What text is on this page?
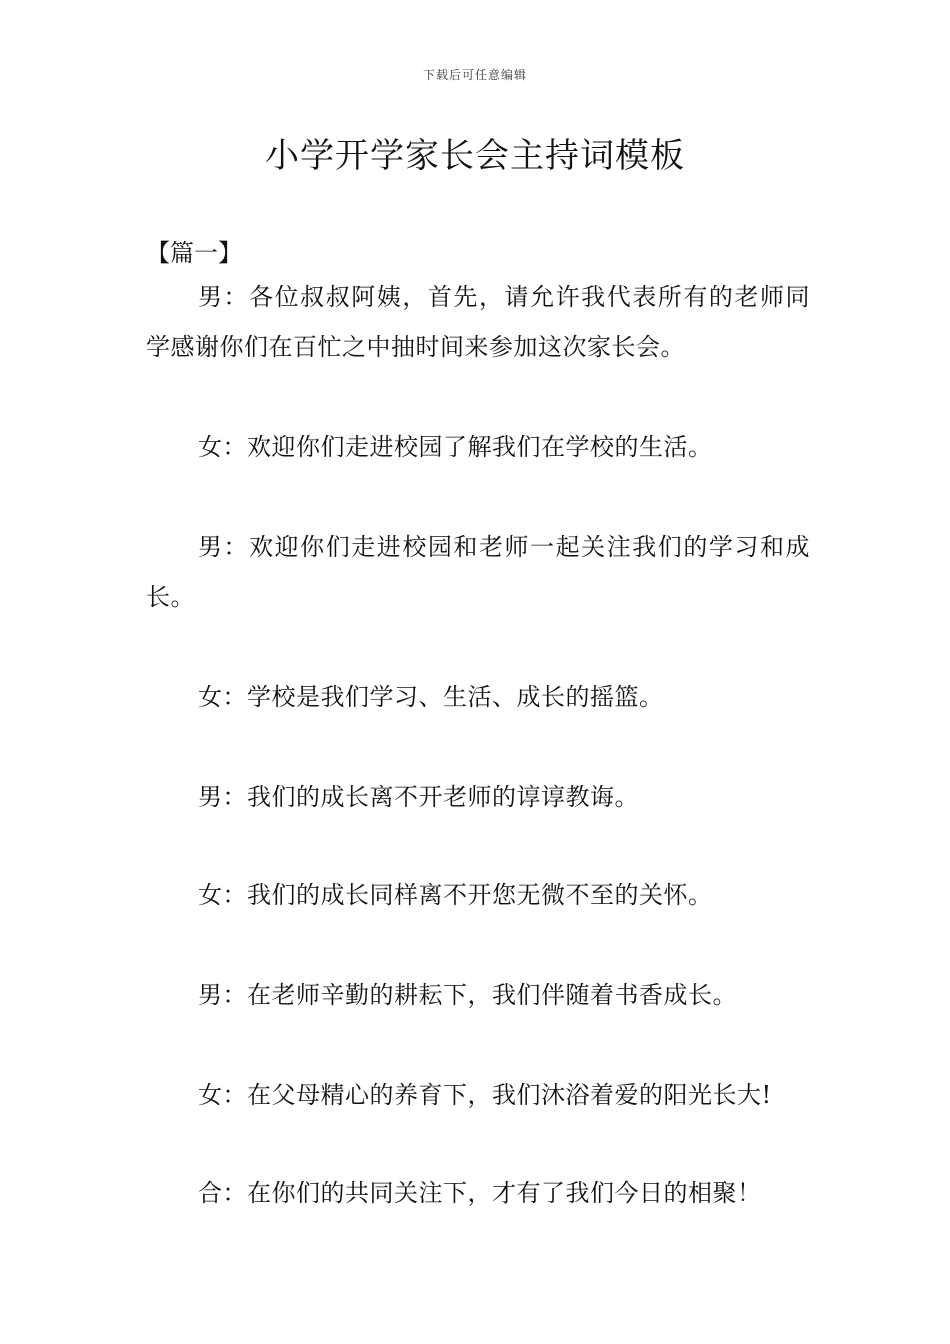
下载后可任意编辑
小学开学家长会主持词模板
【篇一】

男：各位叔叔阿姨，首先，请允许我代表所有的老师同学感谢你们在百忙之中抽时间来参加这次家长会。

女：欢迎你们走进校园了解我们在学校的生活。

男：欢迎你们走进校园和老师一起关注我们的学习和成长。

女：学校是我们学习、生活、成长的摇篮。

男：我们的成长离不开老师的谆谆教诲。

女：我们的成长同样离不开您无微不至的关怀。

男：在老师辛勤的耕耘下，我们伴随着书香成长。

女：在父母精心的养育下，我们沐浴着爱的阳光长大!

合：在你们的共同关注下，才有了我们今日的相聚！
